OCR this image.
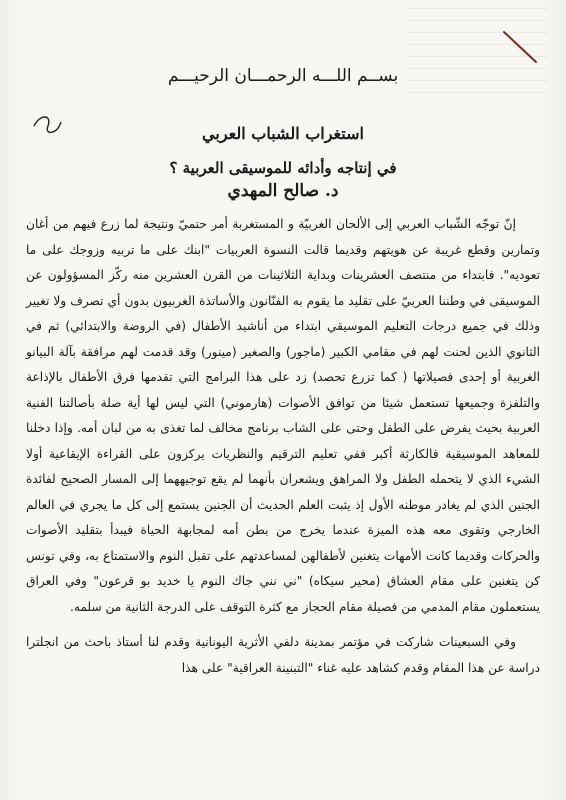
بســم اللـــه الرحمـــان الرحيـــم
استغراب الشباب العربي
في إنتاجه وأدائه للموسيقى العربية ؟
د. صالح المهدي

إنّ توجّه الشّباب العربي إلى الألحان الغربيّة و المستغربة أمر حتميّ ونتيجة لما زرع فيهم من أغان وتمارين وقطع غريبة عن هويتهم وقديما قالت النسوة العربيات "ابنك على ما تربيه وزوجك على ما تعوديه". فابتداء من منتصف العشرينات وبداية الثلاثينات من القرن العشرين منه ركّز المسؤولون عن الموسيقى في وطننا العربيّ على تقليد ما يقوم به الفنّانون والأساتذة الغربيون بدون أي تصرف ولا تغيير وذلك في جميع درجات التعليم الموسيقي ابتداء من أناشيد الأطفال (في الروضة والابتدائي) ثم في الثانوي الذين لحنت لهم في مقامي الكبير (ماجور) والصغير (مينور) وقد قدمت لهم مرافقة بآلة البيانو الغربية أو إحدى فصيلاتها ( كما تزرع تحصد) زد على هذا البرامج التي تقدمها فرق الأطفال بالإذاعة والتلفزة وجميعها تستعمل شيئا من توافق الأصوات (هارموني) التي ليس لها أية صلة بأصالتنا الفنية العربية بحيث يفرض على الطفل وحتى على الشاب برنامج مخالف لما تغذى به من لبان أمه. وإذا دخلنا للمعاهد الموسيقية فالكارثة أكبر ففي تعليم الترقيم والنظريات يركزون على القراءة الإيقاعية أولا الشيء الذي لا يتحمله الطفل ولا المراهق ويشعران بأنهما لم يقع توجيههما إلى المسار الصحيح لفائدة الجنين الذي لم يغادر موطنه الأول إذ يثبت العلم الحديث أن الجنين يستمع إلى كل ما يجري في العالم الخارجي وتقوى معه هذه الميزة عندما يخرج من بطن أمه لمجابهة الحياة فيبدأ بتقليد الأصوات والحركات وقديما كانت الأمهات يتغنين لأطفالهن لمساعدتهم على تقبل النوم والاستمتاع به، وفي تونس كن يتغنين على مقام العشاق (محير سيكاه) "ني نني جاك النوم يا خديد بو قرعون" وفي العراق يستعملون مقام المدمي من فصيلة مقام الحجاز مع كثرة التوقف على الدرجة الثانية من سلمه.

وفي السبعينات شاركت في مؤتمر بمدينة دلفي الأثرية اليونانية وقدم لنا أستاذ باحث من انجلترا دراسة عن هذا المقام وقدم كشاهد عليه غناء "التبنينة العراقية" على هذا
